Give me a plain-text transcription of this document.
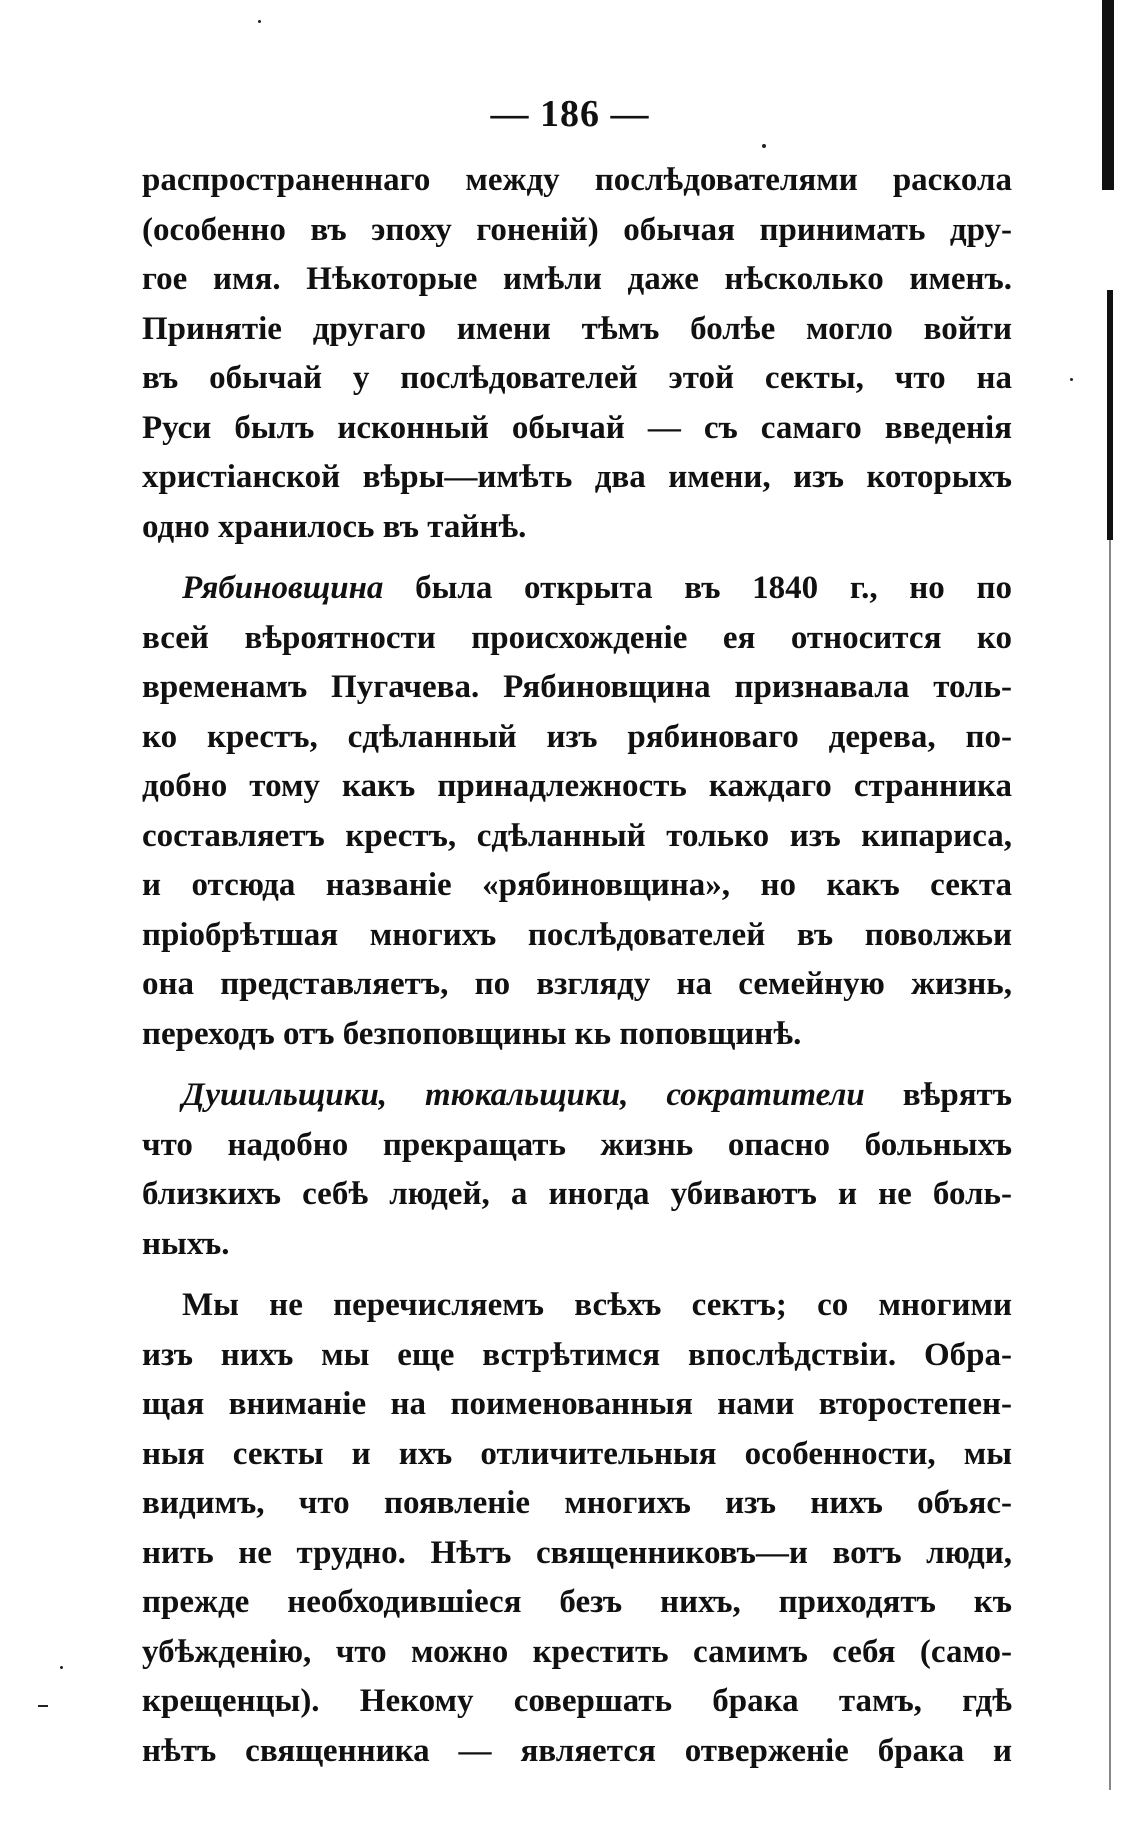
— 186 —
распространеннаго между послѣдователями раскола
(особенно въ эпоху гоненій) обычая принимать дру-
гое имя. Нѣкоторые имѣли даже нѣсколько именъ.
Принятіе другаго имени тѣмъ болѣе могло войти
въ обычай у послѣдователей этой секты, что на
Руси былъ исконный обычай — съ самаго введенія
христіанской вѣры—имѣть два имени, изъ которыхъ
одно хранилось въ тайнѣ.
Рябиновщина была открыта въ 1840 г., но по
всей вѣроятности происхожденіе ея относится ко
временамъ Пугачева. Рябиновщина признавала толь-
ко крестъ, сдѣланный изъ рябиноваго дерева, по-
добно тому какъ принадлежность каждаго странника
составляетъ крестъ, сдѣланный только изъ кипариса,
и отсюда названіе «рябиновщина», но какъ секта
пріобрѣтшая многихъ послѣдователей въ поволжьи
она представляетъ, по взгляду на семейную жизнь,
переходъ отъ безпоповщины кь поповщинѣ.
Душильщики, тюкальщики, сократители вѣрятъ
что надобно прекращать жизнь опасно больныхъ
близкихъ себѣ людей, а иногда убиваютъ и не боль-
ныхъ.
Мы не перечисляемъ всѣхъ сектъ; со многими
изъ нихъ мы еще встрѣтимся впослѣдствіи. Обра-
щая вниманіе на поименованныя нами второстепен-
ныя секты и ихъ отличительныя особенности, мы
видимъ, что появленіе многихъ изъ нихъ объяс-
нить не трудно. Нѣтъ священниковъ—и вотъ люди,
прежде необходившіеся безъ нихъ, приходятъ къ
убѣжденію, что можно крестить самимъ себя (само-
крещенцы). Некому совершать брака тамъ, гдѣ
нѣтъ священника — является отверженіе брака и
